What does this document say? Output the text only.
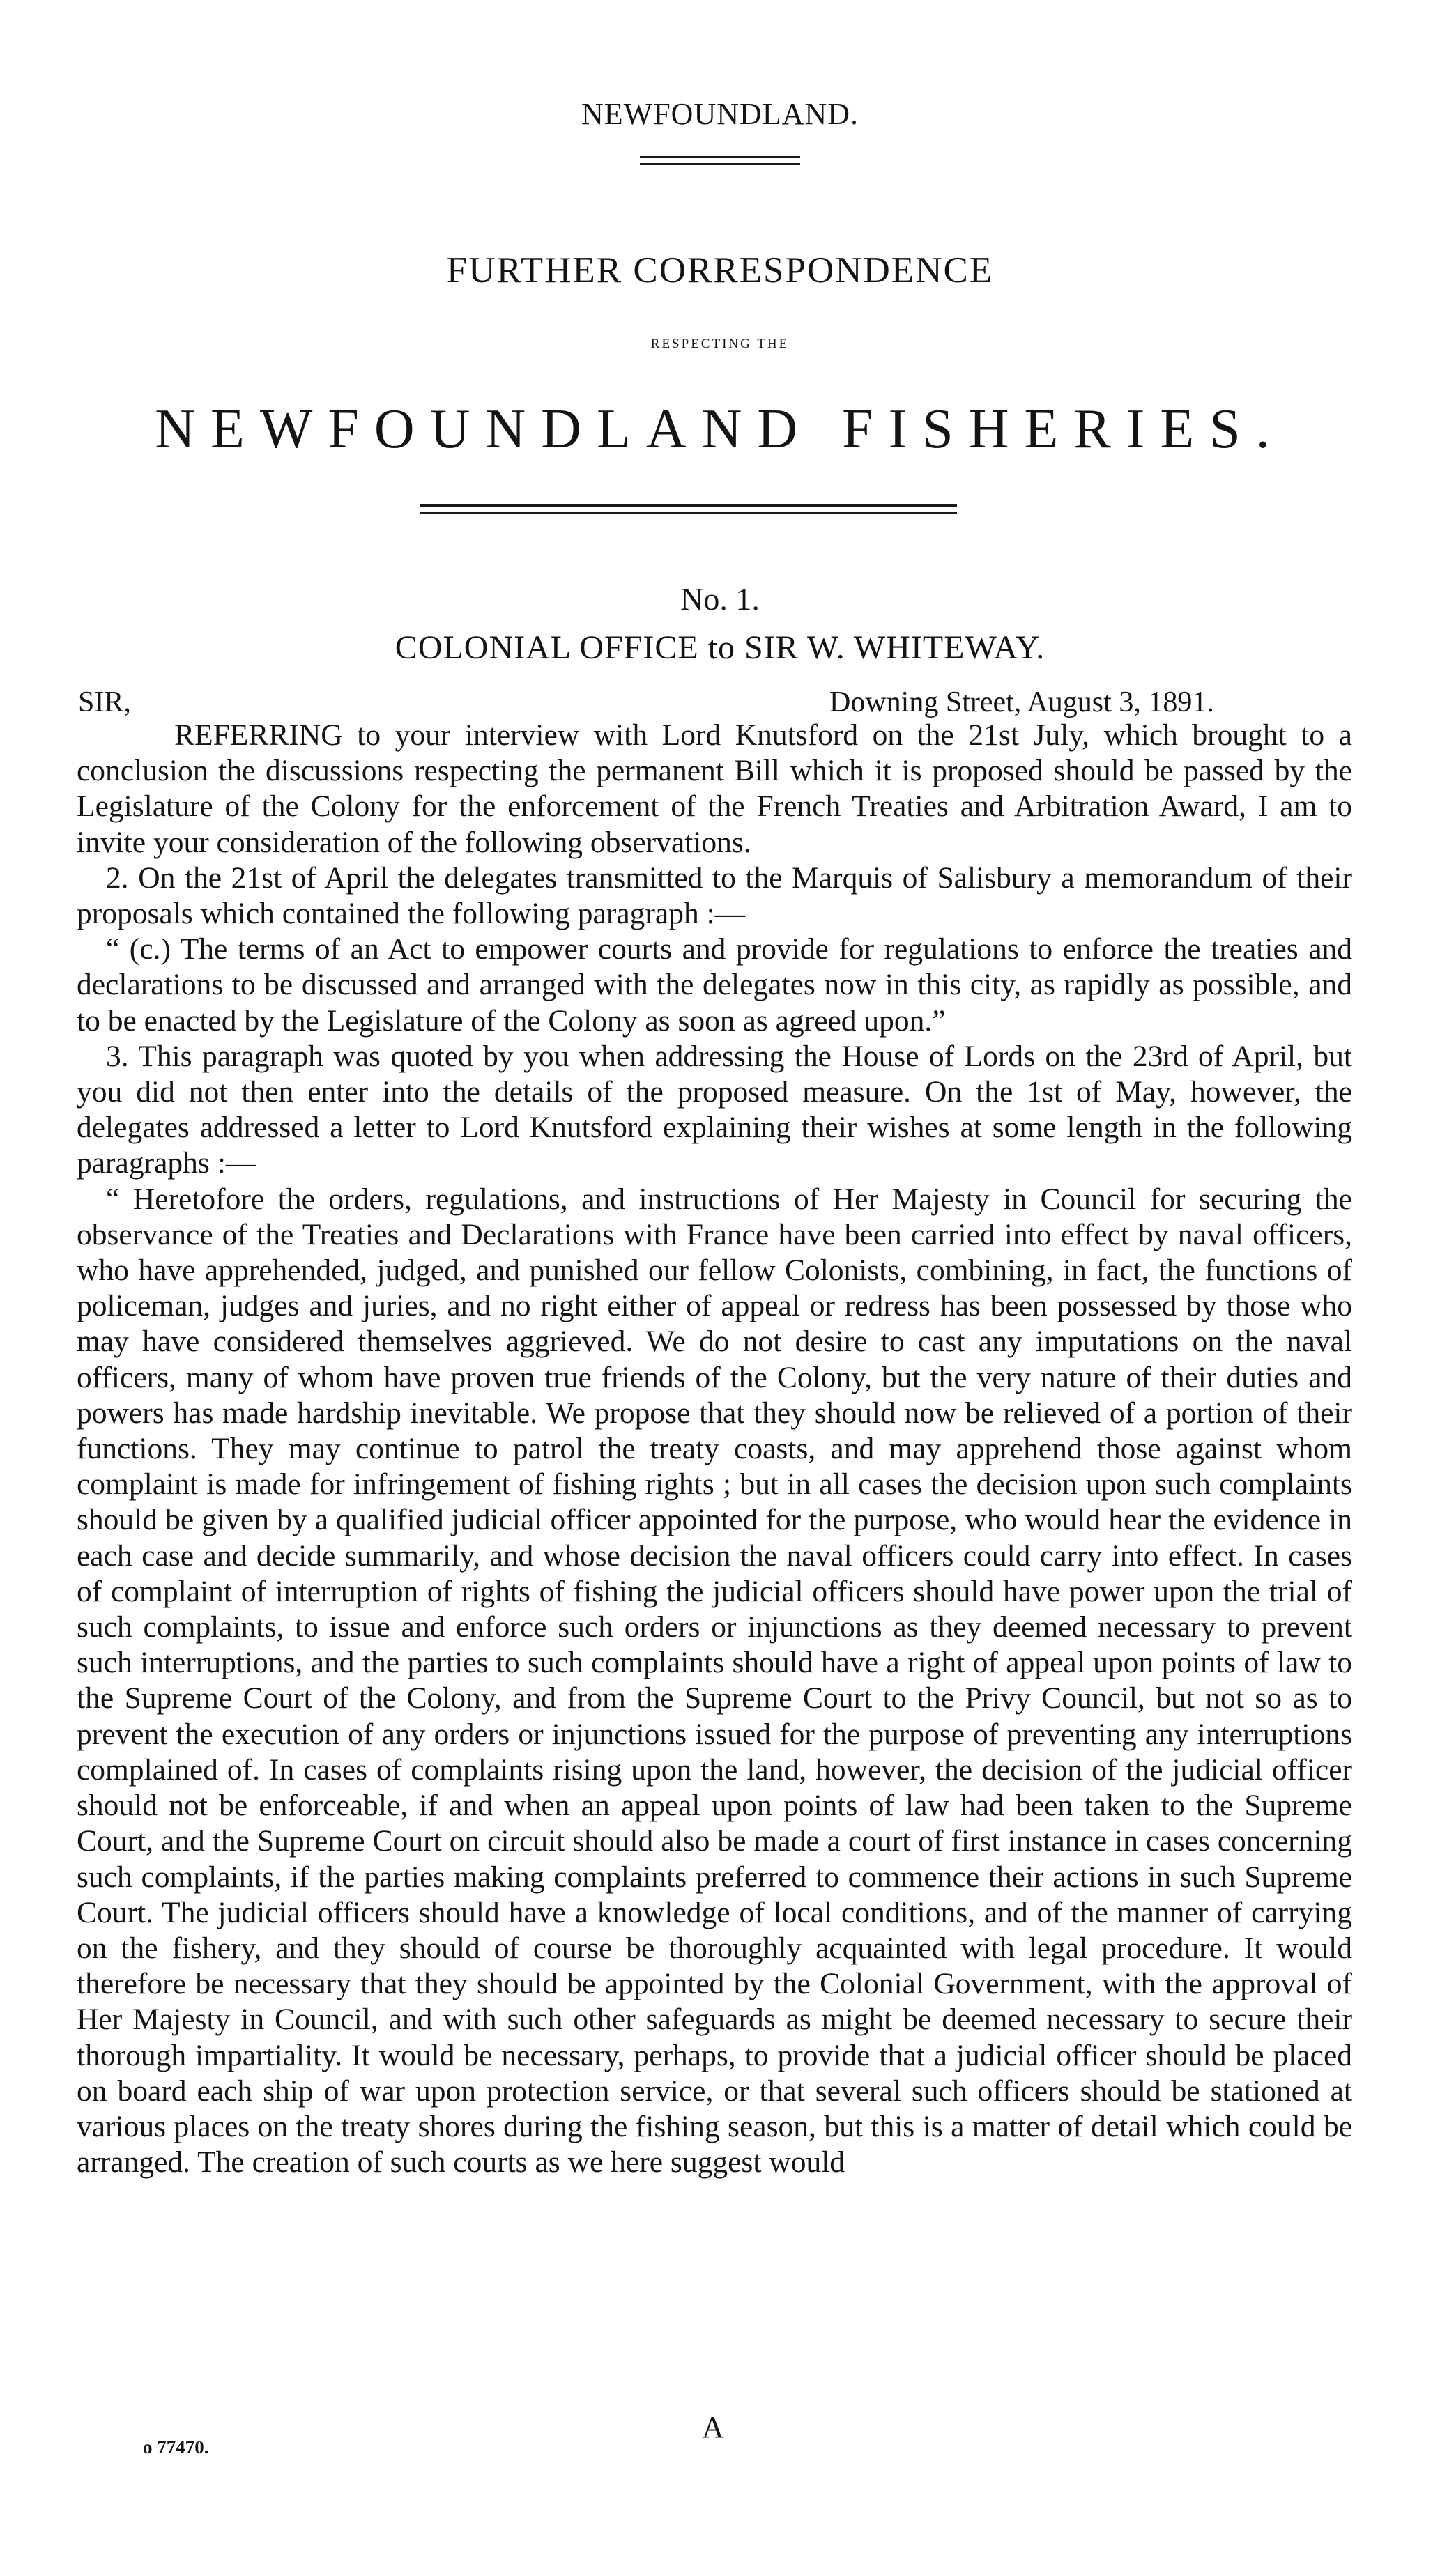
NEWFOUNDLAND.
FURTHER CORRESPONDENCE
RESPECTING THE
NEWFOUNDLAND FISHERIES.
No. 1.
COLONIAL OFFICE to SIR W. WHITEWAY.
SIR,	Downing Street, August 3, 1891.

REFERRING to your interview with Lord Knutsford on the 21st July, which brought to a conclusion the discussions respecting the permanent Bill which it is proposed should be passed by the Legislature of the Colony for the enforcement of the French Treaties and Arbitration Award, I am to invite your consideration of the following observations.

2. On the 21st of April the delegates transmitted to the Marquis of Salisbury a memorandum of their proposals which contained the following paragraph :—

“ (c.) The terms of an Act to empower courts and provide for regulations to enforce the treaties and declarations to be discussed and arranged with the delegates now in this city, as rapidly as possible, and to be enacted by the Legislature of the Colony as soon as agreed upon.”

3. This paragraph was quoted by you when addressing the House of Lords on the 23rd of April, but you did not then enter into the details of the proposed measure. On the 1st of May, however, the delegates addressed a letter to Lord Knutsford explaining their wishes at some length in the following paragraphs :—

“ Heretofore the orders, regulations, and instructions of Her Majesty in Council for securing the observance of the Treaties and Declarations with France have been carried into effect by naval officers, who have apprehended, judged, and punished our fellow Colonists, combining, in fact, the functions of policeman, judges and juries, and no right either of appeal or redress has been possessed by those who may have considered themselves aggrieved. We do not desire to cast any imputations on the naval officers, many of whom have proven true friends of the Colony, but the very nature of their duties and powers has made hardship inevitable. We propose that they should now be relieved of a portion of their functions. They may continue to patrol the treaty coasts, and may apprehend those against whom complaint is made for infringement of fishing rights ; but in all cases the decision upon such complaints should be given by a qualified judicial officer appointed for the purpose, who would hear the evidence in each case and decide summarily, and whose decision the naval officers could carry into effect. In cases of complaint of interruption of rights of fishing the judicial officers should have power upon the trial of such complaints, to issue and enforce such orders or injunctions as they deemed necessary to prevent such interruptions, and the parties to such complaints should have a right of appeal upon points of law to the Supreme Court of the Colony, and from the Supreme Court to the Privy Council, but not so as to prevent the execution of any orders or injunctions issued for the purpose of preventing any interruptions complained of. In cases of complaints rising upon the land, however, the decision of the judicial officer should not be enforceable, if and when an appeal upon points of law had been taken to the Supreme Court, and the Supreme Court on circuit should also be made a court of first instance in cases concerning such complaints, if the parties making complaints preferred to commence their actions in such Supreme Court. The judicial officers should have a knowledge of local conditions, and of the manner of carrying on the fishery, and they should of course be thoroughly acquainted with legal procedure. It would therefore be necessary that they should be appointed by the Colonial Government, with the approval of Her Majesty in Council, and with such other safeguards as might be deemed necessary to secure their thorough impartiality. It would be necessary, perhaps, to provide that a judicial officer should be placed on board each ship of war upon protection service, or that several such officers should be stationed at various places on the treaty shores during the fishing season, but this is a matter of detail which could be arranged. The creation of such courts as we here suggest would

A
o 77470.
